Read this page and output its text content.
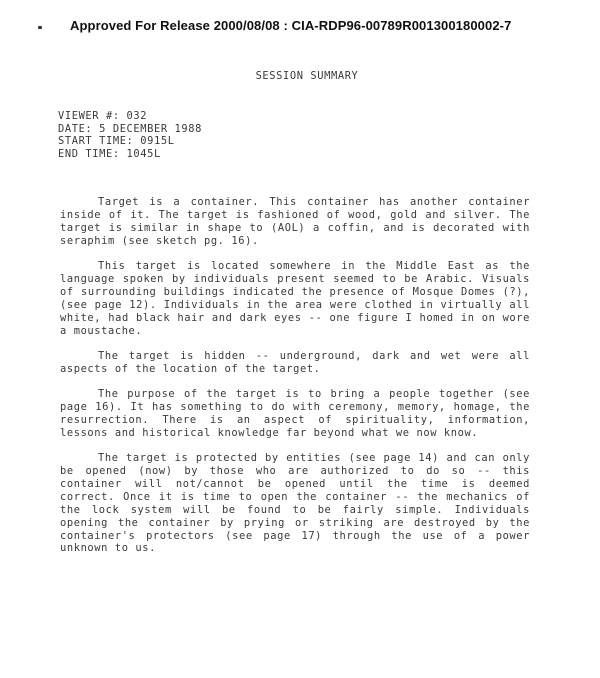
Approved For Release 2000/08/08 : CIA-RDP96-00789R001300180002-7
SESSION SUMMARY
VIEWER #: 032
DATE: 5 DECEMBER 1988
START TIME: 0915L
END TIME: 1045L

Target is a container. This container has another container inside of it. The target is fashioned of wood, gold and silver. The target is similar in shape to (AOL) a coffin, and is decorated with seraphim (see sketch pg. 16).

This target is located somewhere in the Middle East as the language spoken by individuals present seemed to be Arabic. Visuals of surrounding buildings indicated the presence of Mosque Domes (?), (see page 12). Individuals in the area were clothed in virtually all white, had black hair and dark eyes -- one figure I homed in on wore a moustache.

The target is hidden -- underground, dark and wet were all aspects of the location of the target.

The purpose of the target is to bring a people together (see page 16). It has something to do with ceremony, memory, homage, the resurrection. There is an aspect of spirituality, information, lessons and historical knowledge far beyond what we now know.

The target is protected by entities (see page 14) and can only be opened (now) by those who are authorized to do so -- this container will not/cannot be opened until the time is deemed correct. Once it is time to open the container -- the mechanics of the lock system will be found to be fairly simple. Individuals opening the container by prying or striking are destroyed by the container's protectors (see page 17) through the use of a power unknown to us.
